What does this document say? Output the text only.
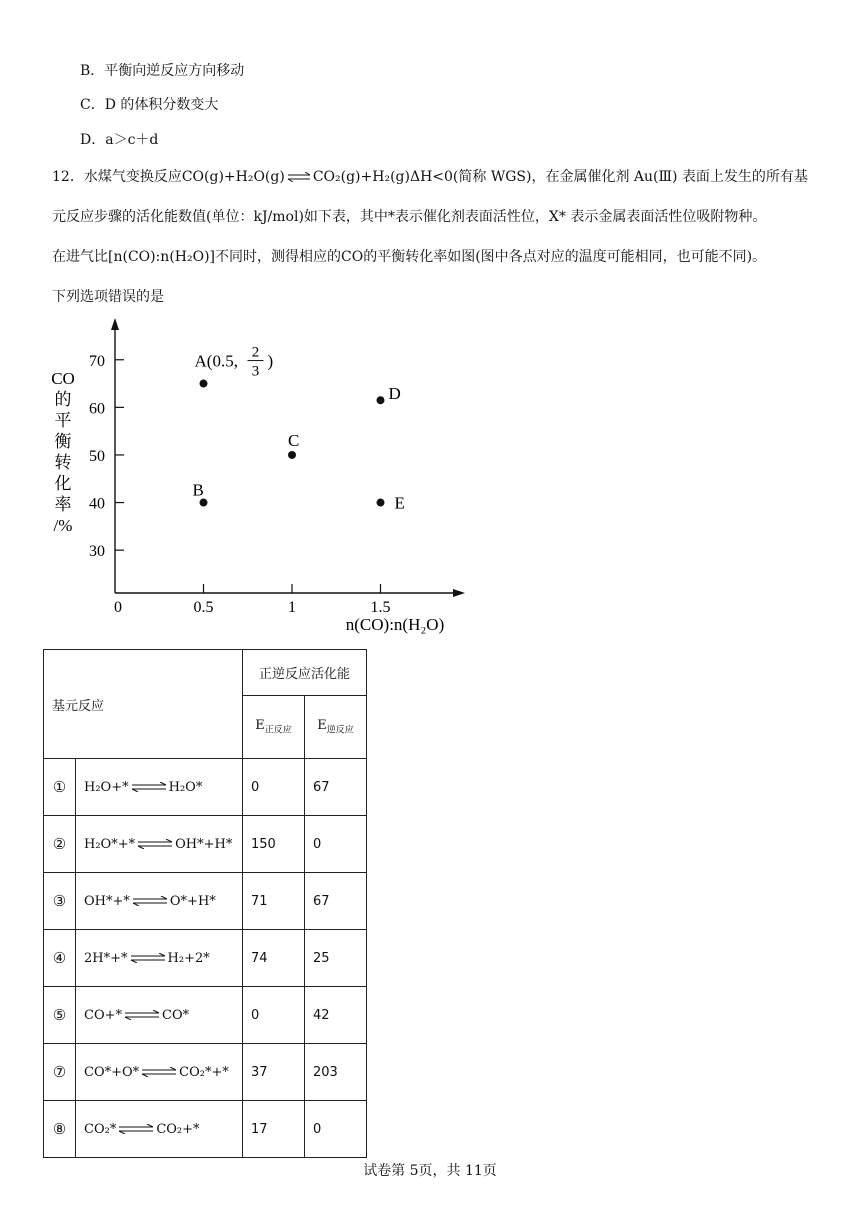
B．平衡向逆反应方向移动
C．D 的体积分数变大
D．a＞c＋d
12．水煤气变换反应CO(g)+H₂O(g) ⇌ CO₂(g)+H₂(g)ΔH<0(简称 WGS)，在金属催化剂 Au(Ⅲ) 表面上发生的所有基
元反应步骤的活化能数值(单位：kJ/mol)如下表，其中*表示催化剂表面活性位，X* 表示金属表面活性位吸附物种。
在进气比[n(CO):n(H₂O)]不同时，测得相应的CO的平衡转化率如图(图中各点对应的温度可能相同，也可能不同)。
下列选项错误的是
30
40
50
60
70
0	0.5	1	1.5
CO
的
平
衡
转
化
率
/%
n(CO):n(H₂O)
A(0.5, 2
3
)
B
C
D
E
基元反应		正逆反应活化能	
		$E_{正反应}$	$E_{逆反应}$
①	H₂O+* ⇌ H₂O*	0	67
②	H₂O*+* ⇌ OH*+H*	150	0
③	OH*+* ⇌ O*+H*	71	67
④	2H*+* ⇌ H₂+2*	74	25
⑤	CO+* ⇌ CO*	0	42
⑦	CO*+O* ⇌ CO₂*+*	37	203
⑧	CO₂* ⇌ CO₂+*	17	0
试卷第 5页，共 11页
